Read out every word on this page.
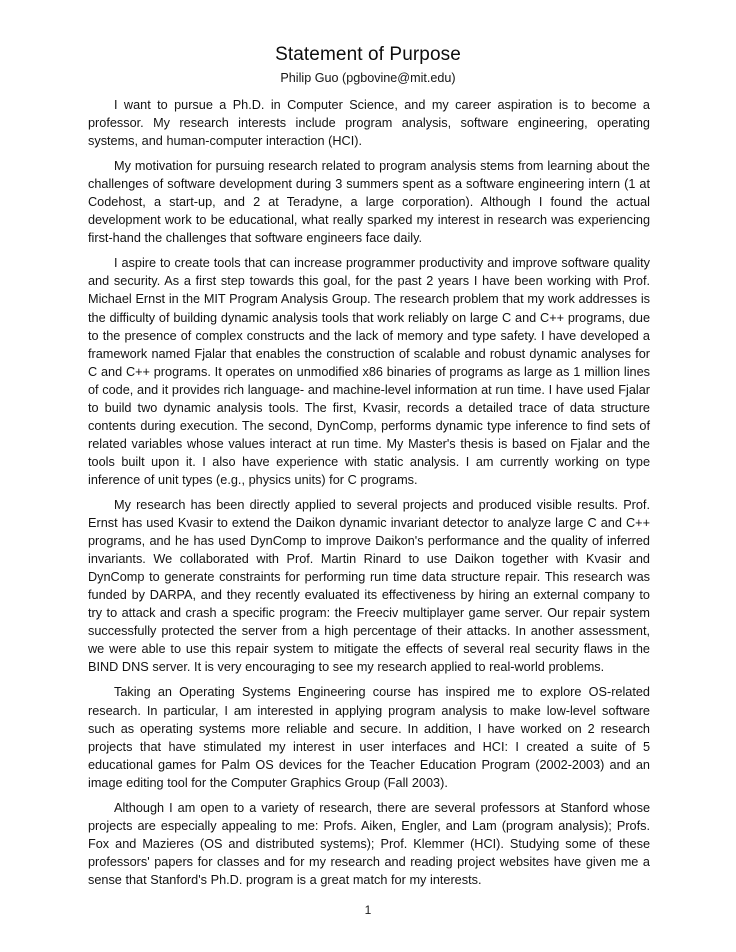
Statement of Purpose

Philip Guo (pgbovine@mit.edu)

I want to pursue a Ph.D. in Computer Science, and my career aspiration is to become a professor. My research interests include program analysis, software engineering, operating systems, and human-computer interaction (HCI).

My motivation for pursuing research related to program analysis stems from learning about the challenges of software development during 3 summers spent as a software engineering intern (1 at Codehost, a start-up, and 2 at Teradyne, a large corporation). Although I found the actual development work to be educational, what really sparked my interest in research was experiencing first-hand the challenges that software engineers face daily.

I aspire to create tools that can increase programmer productivity and improve software quality and security. As a first step towards this goal, for the past 2 years I have been working with Prof. Michael Ernst in the MIT Program Analysis Group. The research problem that my work addresses is the difficulty of building dynamic analysis tools that work reliably on large C and C++ programs, due to the presence of complex constructs and the lack of memory and type safety. I have developed a framework named Fjalar that enables the construction of scalable and robust dynamic analyses for C and C++ programs. It operates on unmodified x86 binaries of programs as large as 1 million lines of code, and it provides rich language- and machine-level information at run time. I have used Fjalar to build two dynamic analysis tools. The first, Kvasir, records a detailed trace of data structure contents during execution. The second, DynComp, performs dynamic type inference to find sets of related variables whose values interact at run time. My Master's thesis is based on Fjalar and the tools built upon it. I also have experience with static analysis. I am currently working on type inference of unit types (e.g., physics units) for C programs.

My research has been directly applied to several projects and produced visible results. Prof. Ernst has used Kvasir to extend the Daikon dynamic invariant detector to analyze large C and C++ programs, and he has used DynComp to improve Daikon's performance and the quality of inferred invariants. We collaborated with Prof. Martin Rinard to use Daikon together with Kvasir and DynComp to generate constraints for performing run time data structure repair. This research was funded by DARPA, and they recently evaluated its effectiveness by hiring an external company to try to attack and crash a specific program: the Freeciv multiplayer game server. Our repair system successfully protected the server from a high percentage of their attacks. In another assessment, we were able to use this repair system to mitigate the effects of several real security flaws in the BIND DNS server. It is very encouraging to see my research applied to real-world problems.

Taking an Operating Systems Engineering course has inspired me to explore OS-related research. In particular, I am interested in applying program analysis to make low-level software such as operating systems more reliable and secure. In addition, I have worked on 2 research projects that have stimulated my interest in user interfaces and HCI: I created a suite of 5 educational games for Palm OS devices for the Teacher Education Program (2002-2003) and an image editing tool for the Computer Graphics Group (Fall 2003).

Although I am open to a variety of research, there are several professors at Stanford whose projects are especially appealing to me: Profs. Aiken, Engler, and Lam (program analysis); Profs. Fox and Mazieres (OS and distributed systems); Prof. Klemmer (HCI). Studying some of these professors' papers for classes and for my research and reading project websites have given me a sense that Stanford's Ph.D. program is a great match for my interests.

1
